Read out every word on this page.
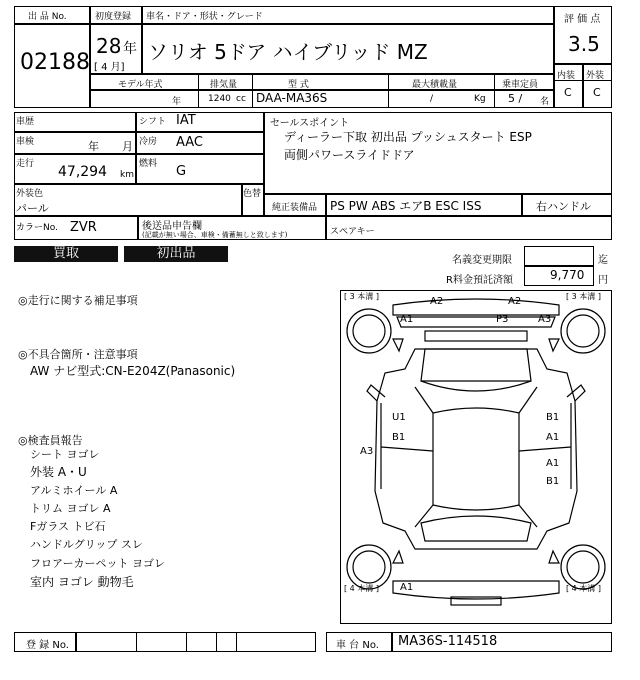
出 品 No.
02188
初度登録
28 年
[ 4 月]
車名・ドア・形状・グレード
ソリオ 5ドア ハイブリッド MZ
評 価 点
3.5
内装 外装
C C
モデル年式
年
排気量
1240 cc
型 式
DAA-MA36S
最大積載量
/	Kg
乗車定員
5 / 名
車歴	シフト IAT
車検	年 月 冷房 AAC
走行 47,294 km
燃料 G
セールスポイント
ディーラー下取 初出品 プッシュスタート ESP
両側パワースライドドア
外装色
パール
色替
純正装備品 PS PW ABS エアB ESC ISS	右ハンドル
カラーNo. ZVR	後送品申告欄
(記載が無い場合、車検・備蓄無しと致します)	スペアキー
買取	初出品	名義変更期限	迄
R料金預託済額	9,770 円
◎走行に関する補足事項
◎不具合箇所・注意事項
AW ナビ型式:CN-E204Z(Panasonic)
◎検査員報告
シート ヨゴレ
外装 A・U
アルミホイール A
トリム ヨゴレ A
Fガラス トビ石
ハンドルグリップ スレ
フロアーカーペット ヨゴレ
室内 ヨゴレ 動物毛
[ 3 本溝 ]	[ 3 本溝 ]
[ 4 本溝 ]	[ 4 本溝 ]
A2	A2
A1	P3	A3
U1
B1
A3
B1
A1
A1
B1
A1
登 録 No.	車 台 No. MA36S-114518
